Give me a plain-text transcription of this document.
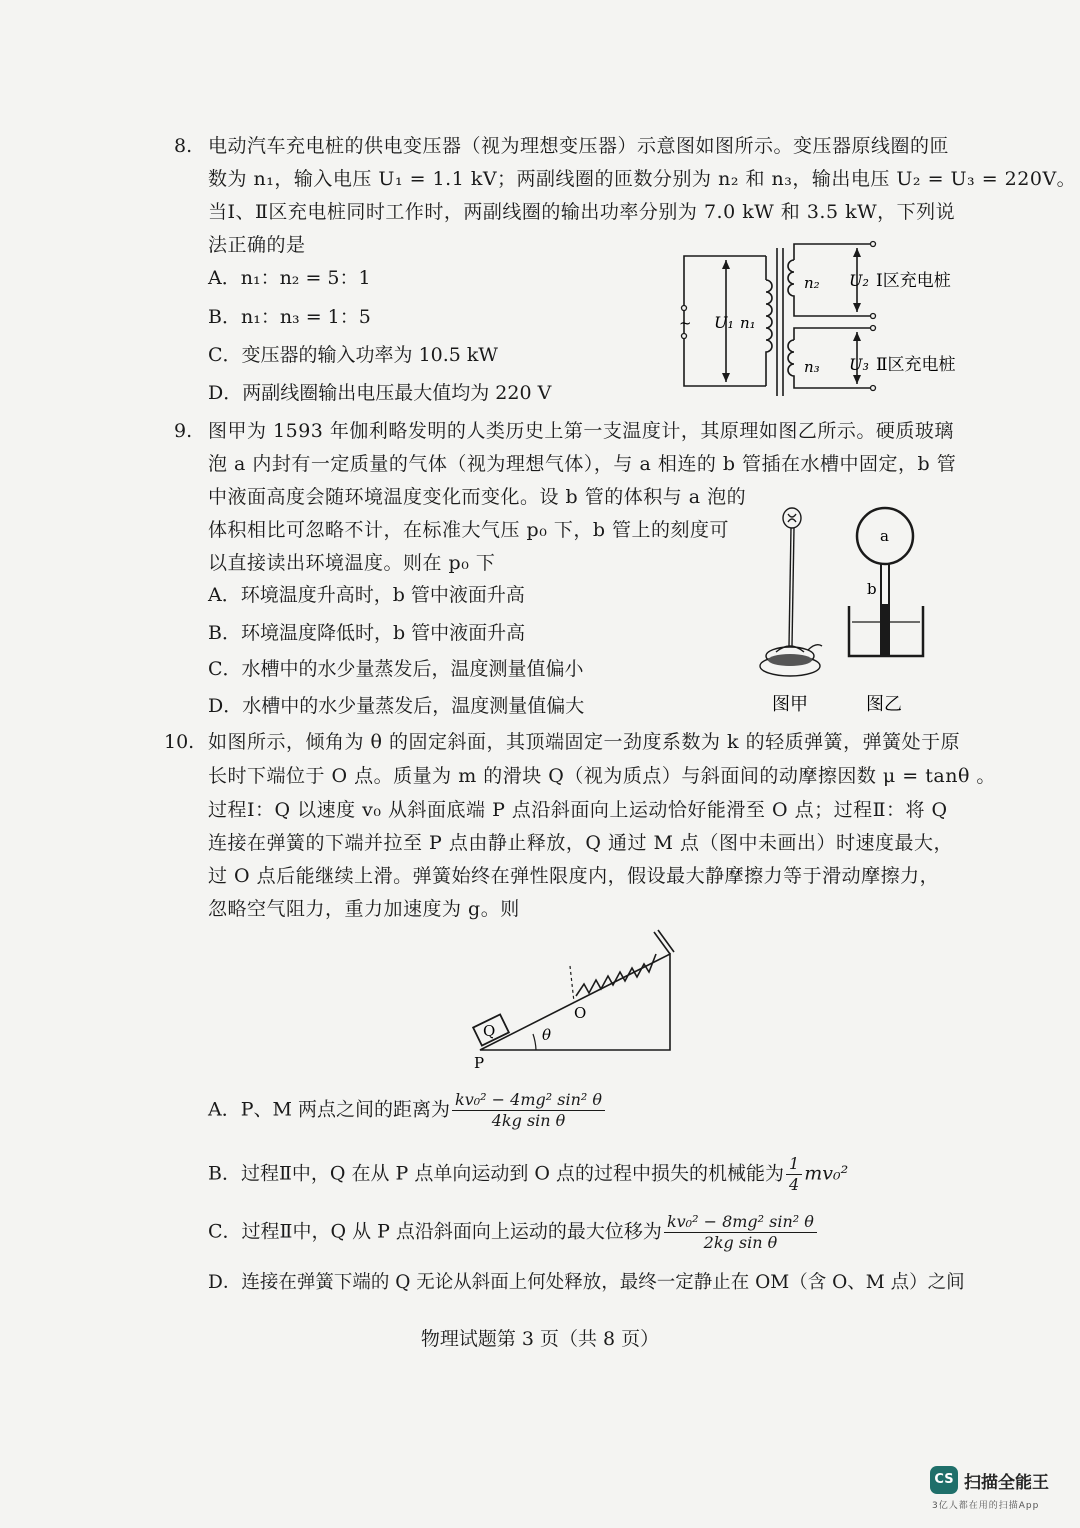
8. 电动汽车充电桩的供电变压器（视为理想变压器）示意图如图所示。变压器原线圈的匝
数为 n₁，输入电压 U₁ = 1.1 kV；两副线圈的匝数分别为 n₂ 和 n₃，输出电压 U₂ = U₃ = 220V。
当Ⅰ、Ⅱ区充电桩同时工作时，两副线圈的输出功率分别为 7.0 kW 和 3.5 kW，下列说
法正确的是
A．n₁：n₂ = 5：1
B．n₁：n₃ = 1：5
C．变压器的输入功率为 10.5 kW
D．两副线圈输出电压最大值均为 220 V
~ U₁ n₁
n₂
n₃
U₂
U₃
Ⅰ区充电桩
Ⅱ区充电桩
9. 图甲为 1593 年伽利略发明的人类历史上第一支温度计，其原理如图乙所示。硬质玻璃
泡 a 内封有一定质量的气体（视为理想气体），与 a 相连的 b 管插在水槽中固定，b 管
中液面高度会随环境温度变化而变化。设 b 管的体积与 a 泡的
体积相比可忽略不计，在标准大气压 p₀ 下，b 管上的刻度可
以直接读出环境温度。则在 p₀ 下
A．环境温度升高时，b 管中液面升高
B．环境温度降低时，b 管中液面升高
C．水槽中的水少量蒸发后，温度测量值偏小
D．水槽中的水少量蒸发后，温度测量值偏大
a
b
图甲	图乙
10. 如图所示，倾角为 θ 的固定斜面，其顶端固定一劲度系数为 k 的轻质弹簧，弹簧处于原
长时下端位于 O 点。质量为 m 的滑块 Q（视为质点）与斜面间的动摩擦因数 μ = tanθ 。
过程Ⅰ：Q 以速度 v₀ 从斜面底端 P 点沿斜面向上运动恰好能滑至 O 点；过程Ⅱ：将 Q
连接在弹簧的下端并拉至 P 点由静止释放，Q 通过 M 点（图中未画出）时速度最大，
过 O 点后能继续上滑。弹簧始终在弹性限度内，假设最大静摩擦力等于滑动摩擦力，
忽略空气阻力，重力加速度为 g。则
Q
P
O
θ
A．P、M 两点之间的距离为 $\frac{\text{kv₀² − 4mg² sin² θ}}{\text{4kg sin θ}}$
B．过程Ⅱ中，Q 在从 P 点单向运动到 O 点的过程中损失的机械能为 $\frac{1}{4} mv_0^2$
C．过程Ⅱ中，Q 从 P 点沿斜面向上运动的最大位移为 $\frac{\text{kv₀² − 8mg² sin² θ}}{\text{2kg sin θ}}$
D．连接在弹簧下端的 Q 无论从斜面上何处释放，最终一定静止在 OM（含 O、M 点）之间
物理试题第 3 页（共 8 页）
CS 扫描全能王
3亿人都在用的扫描App
